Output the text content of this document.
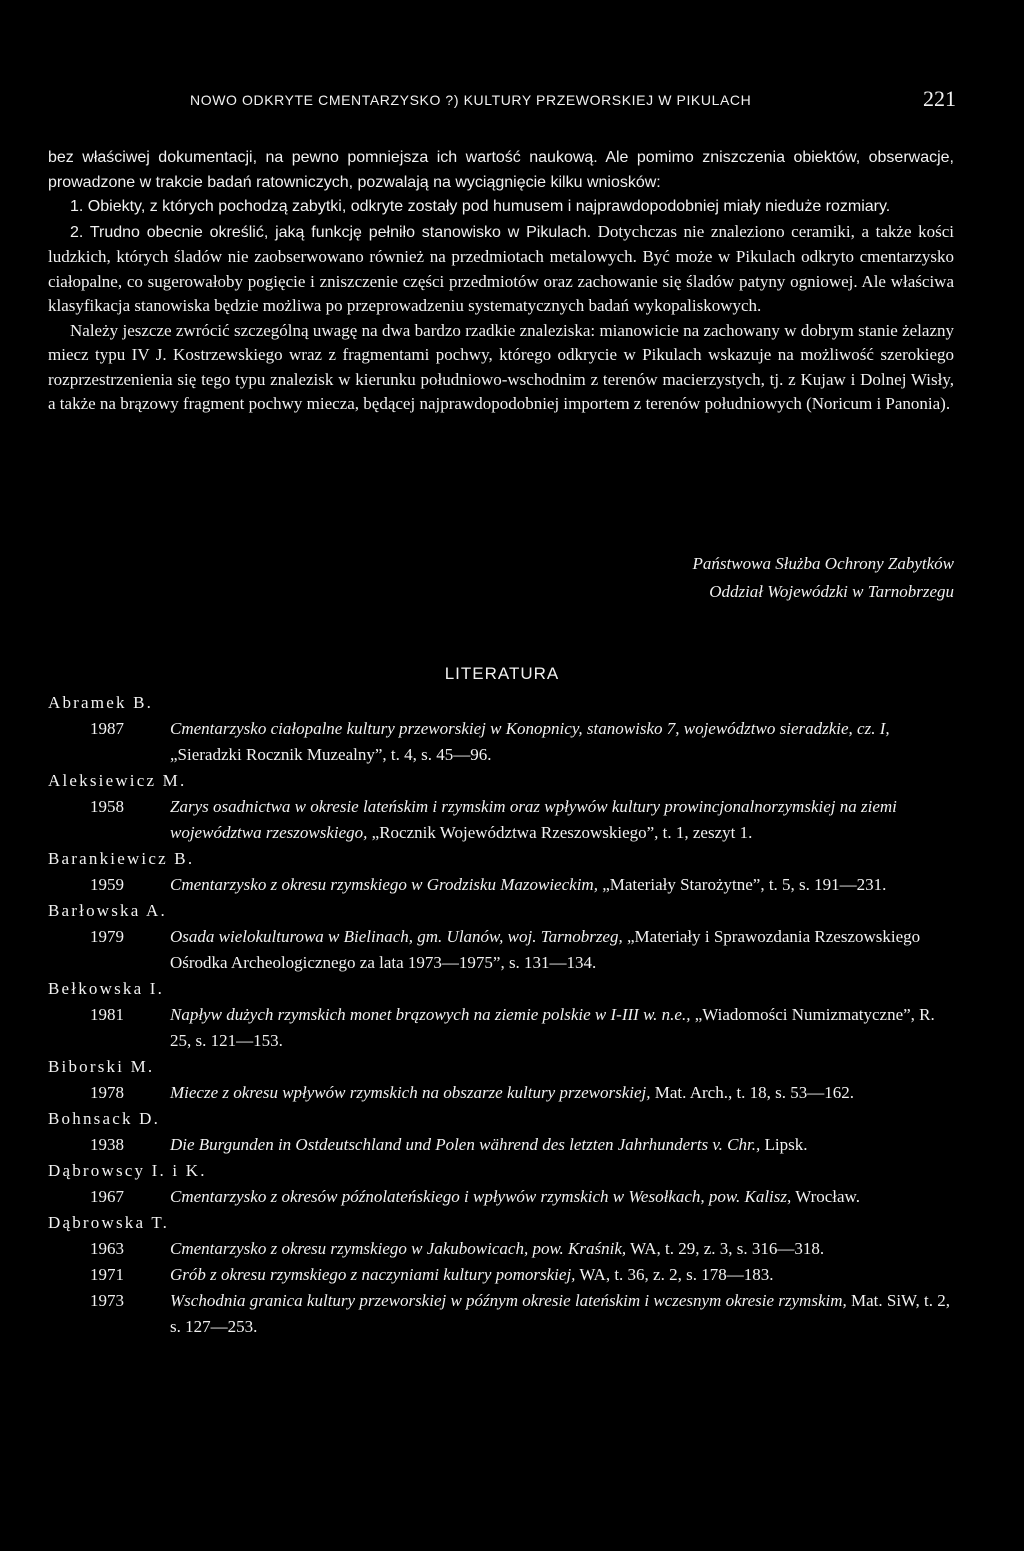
NOWO ODKRYTE CMENTARZYSKO ?) KULTURY PRZEWORSKIEJ W PIKULACH	221

bez właściwej dokumentacji, na pewno pomniejsza ich wartość naukową. Ale pomimo zniszczenia obiektów, obserwacje, prowadzone w trakcie badań ratowniczych, pozwalają na wyciągnięcie kilku wniosków:

1. Obiekty, z których pochodzą zabytki, odkryte zostały pod humusem i najprawdopodobniej miały nieduże rozmiary.

2. Trudno obecnie określić, jaką funkcję pełniło stanowisko w Pikulach. Dotychczas nie znaleziono ceramiki, a także kości ludzkich, których śladów nie zaobserwowano również na przedmiotach metalowych. Być może w Pikulach odkryto cmentarzysko ciałopalne, co sugerowałoby pogięcie i zniszczenie części przedmiotów oraz zachowanie się śladów patyny ogniowej. Ale właściwa klasyfikacja stanowiska będzie możliwa po przeprowadzeniu systematycznych badań wykopaliskowych.

Należy jeszcze zwrócić szczególną uwagę na dwa bardzo rzadkie znaleziska: mianowicie na zachowany w dobrym stanie żelazny miecz typu IV J. Kostrzewskiego wraz z fragmentami pochwy, którego odkrycie w Pikulach wskazuje na możliwość szerokiego rozprzestrzenienia się tego typu znalezisk w kierunku południowo-wschodnim z terenów macierzystych, tj. z Kujaw i Dolnej Wisły, a także na brązowy fragment pochwy miecza, będącej najprawdopodobniej importem z terenów południowych (Noricum i Panonia).

Państwowa Służba Ochrony Zabytków
Oddział Wojewódzki w Tarnobrzegu
LITERATURA
Abramek B.
1987	Cmentarzysko ciałopalne kultury przeworskiej w Konopnicy, stanowisko 7, województwo sieradzkie, cz. I, „Sieradzki Rocznik Muzealny”, t. 4, s. 45—96.
Aleksiewicz M.
1958	Zarys osadnictwa w okresie lateńskim i rzymskim oraz wpływów kultury prowincjonalnorzymskiej na ziemi województwa rzeszowskiego, „Rocznik Województwa Rzeszowskiego”, t. 1, zeszyt 1.
Barankiewicz B.
1959	Cmentarzysko z okresu rzymskiego w Grodzisku Mazowieckim, „Materiały Starożytne”, t. 5, s. 191—231.
Barłowska A.
1979	Osada wielokulturowa w Bielinach, gm. Ulanów, woj. Tarnobrzeg, „Materiały i Sprawozdania Rzeszowskiego Ośrodka Archeologicznego za lata 1973—1975”, s. 131—134.
Bełkowska I.
1981	Napływ dużych rzymskich monet brązowych na ziemie polskie w I-III w. n.e., „Wiadomości Numizmatyczne”, R. 25, s. 121—153.
Biborski M.
1978	Miecze z okresu wpływów rzymskich na obszarze kultury przeworskiej, Mat. Arch., t. 18, s. 53—162.
Bohnsack D.
1938	Die Burgunden in Ostdeutschland und Polen während des letzten Jahrhunderts v. Chr., Lipsk.
Dąbrowscy I. i K.
1967	Cmentarzysko z okresów późnolateńskiego i wpływów rzymskich w Wesołkach, pow. Kalisz, Wrocław.
Dąbrowska T.
1963	Cmentarzysko z okresu rzymskiego w Jakubowicach, pow. Kraśnik, WA, t. 29, z. 3, s. 316—318.
1971	Grób z okresu rzymskiego z naczyniami kultury pomorskiej, WA, t. 36, z. 2, s. 178—183.
1973	Wschodnia granica kultury przeworskiej w późnym okresie lateńskim i wczesnym okresie rzymskim, Mat. SiW, t. 2, s. 127—253.
